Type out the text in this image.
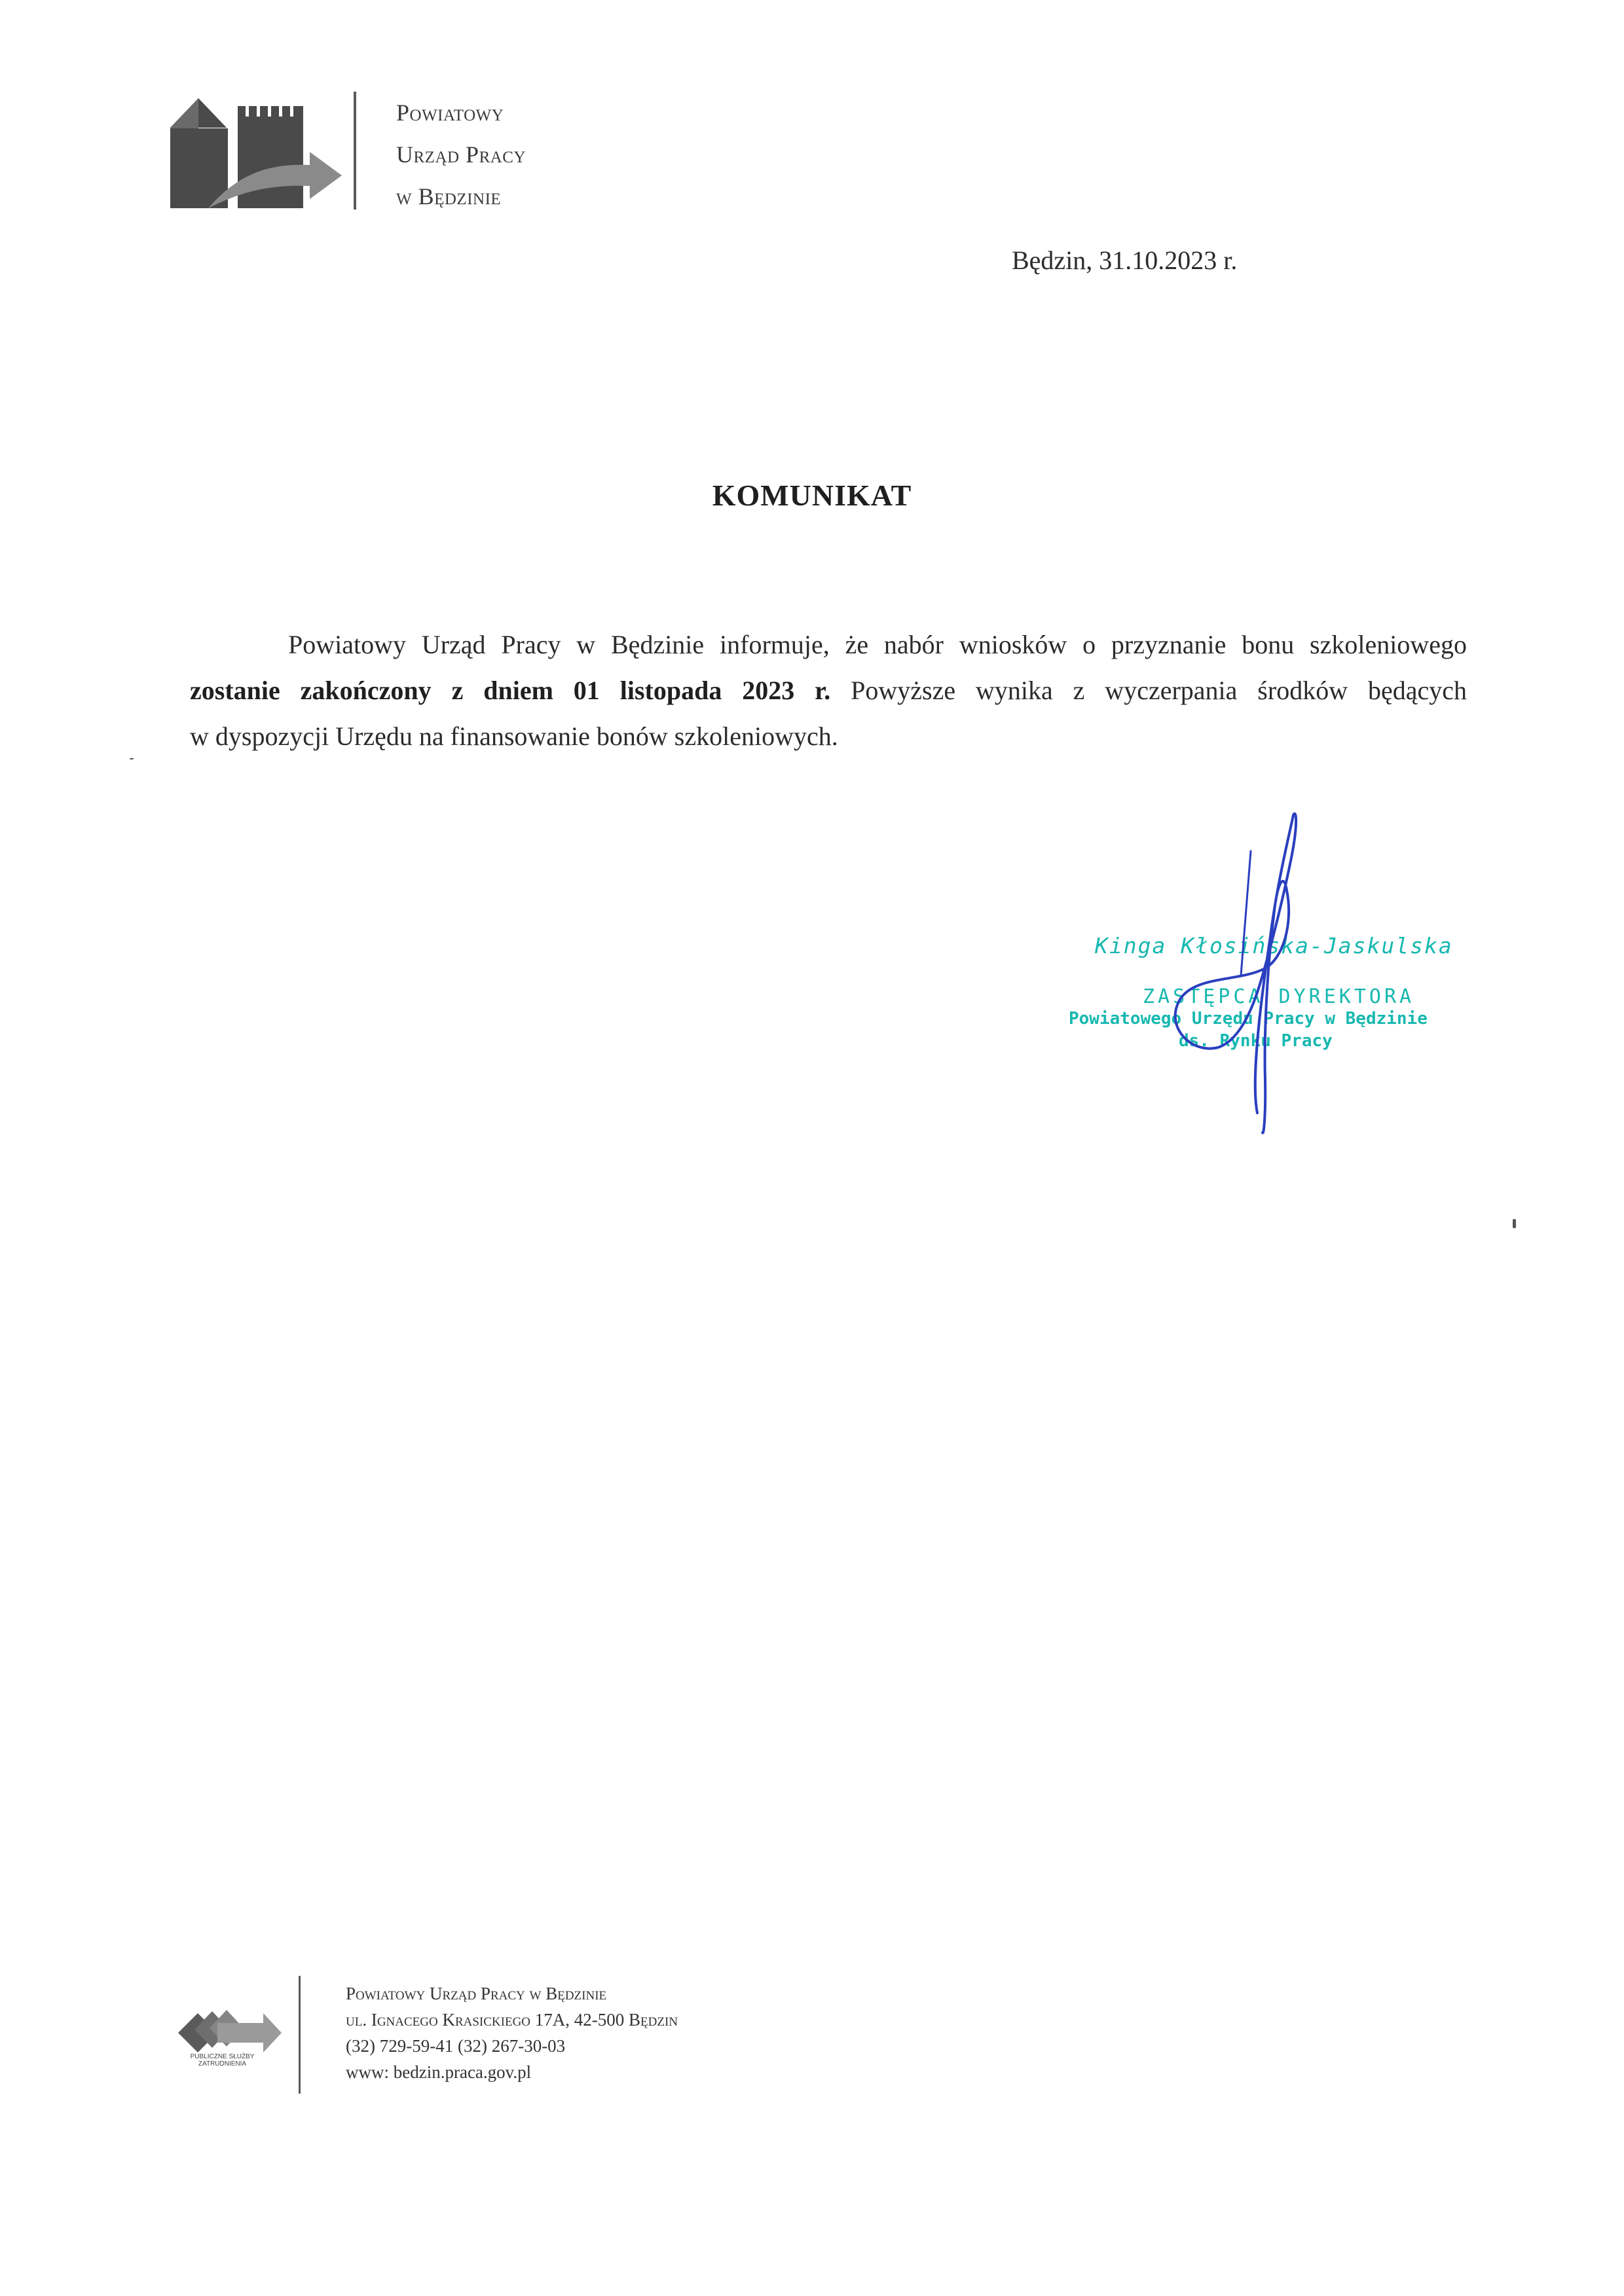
Powiatowy
Urząd Pracy
w Będzinie
Będzin, 31.10.2023 r.
KOMUNIKAT
Powiatowy Urząd Pracy w Będzinie informuje, że nabór wniosków o przyznanie bonu szkoleniowego
zostanie zakończony z dniem 01 listopada 2023 r. Powyższe wynika z wyczerpania środków będących
w dyspozycji Urzędu na finansowanie bonów szkoleniowych.
Kinga Kłosińska-Jaskulska
ZASTĘPCA DYREKTORA
Powiatowego Urzędu Pracy w Będzinie
ds. Rynku Pracy
PUBLICZNE SŁUŻBY
ZATRUDNIENIA
Powiatowy Urząd Pracy w Będzinie
ul. Ignacego Krasickiego 17A, 42-500 Będzin
(32) 729-59-41 (32) 267-30-03
www: bedzin.praca.gov.pl
